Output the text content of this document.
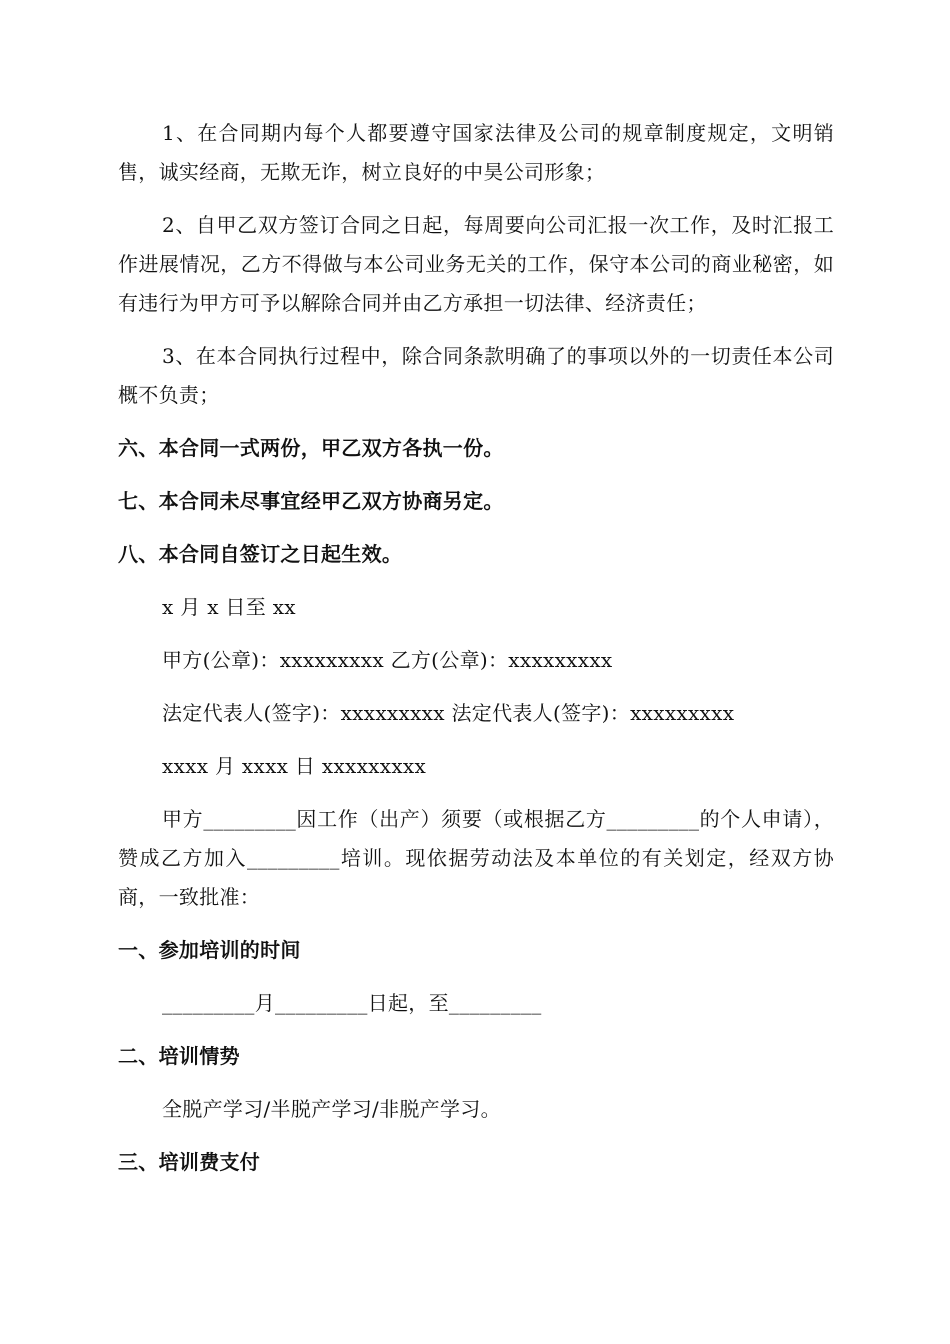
1、在合同期内每个人都要遵守国家法律及公司的规章制度规定，文明销售，诚实经商，无欺无诈，树立良好的中昊公司形象；

2、自甲乙双方签订合同之日起，每周要向公司汇报一次工作，及时汇报工作进展情况，乙方不得做与本公司业务无关的工作，保守本公司的商业秘密，如有违行为甲方可予以解除合同并由乙方承担一切法律、经济责任；

3、在本合同执行过程中，除合同条款明确了的事项以外的一切责任本公司概不负责；

六、本合同一式两份，甲乙双方各执一份。

七、本合同未尽事宜经甲乙双方协商另定。

八、本合同自签订之日起生效。

x 月 x 日至 xx

甲方(公章)：xxxxxxxxx 乙方(公章)：xxxxxxxxx

法定代表人(签字)：xxxxxxxxx 法定代表人(签字)：xxxxxxxxx

xxxx 月 xxxx 日 xxxxxxxxx

甲方_________因工作（出产）须要（或根据乙方_________的个人申请），赞成乙方加入_________培训。现依据劳动法及本单位的有关划定，经双方协商，一致批准：

一、参加培训的时间

_________月_________日起，至_________

二、培训情势

全脱产学习/半脱产学习/非脱产学习。

三、培训费支付
